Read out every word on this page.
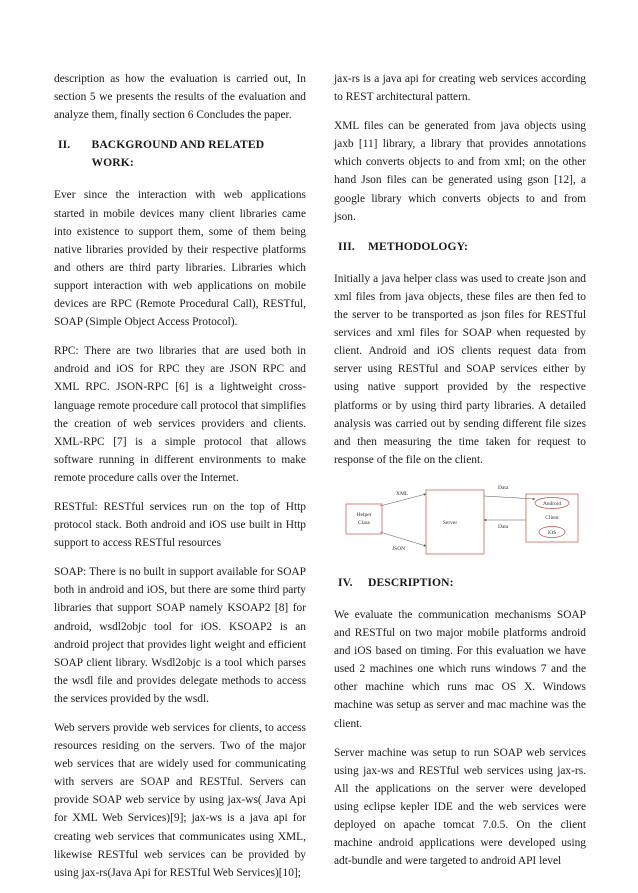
description as how the evaluation is carried out, In section 5 we presents the results of the evaluation and analyze them, finally section 6 Concludes the paper.

II.	BACKGROUND AND RELATED WORK:

Ever since the interaction with web applications started in mobile devices many client libraries came into existence to support them, some of them being native libraries provided by their respective platforms and others are third party libraries. Libraries which support interaction with web applications on mobile devices are RPC (Remote Procedural Call), RESTful, SOAP (Simple Object Access Protocol).

RPC: There are two libraries that are used both in android and iOS for RPC they are JSON RPC and XML RPC. JSON-RPC [6] is a lightweight cross-language remote procedure call protocol that simplifies the creation of web services providers and clients. XML-RPC [7] is a simple protocol that allows software running in different environments to make remote procedure calls over the Internet.

RESTful: RESTful services run on the top of Http protocol stack. Both android and iOS use built in Http support to access RESTful resources

SOAP: There is no built in support available for SOAP both in android and iOS, but there are some third party libraries that support SOAP namely KSOAP2 [8] for android, wsdl2objc tool for iOS. KSOAP2 is an android project that provides light weight and efficient SOAP client library. Wsdl2objc is a tool which parses the wsdl file and provides delegate methods to access the services provided by the wsdl.

Web servers provide web services for clients, to access resources residing on the servers. Two of the major web services that are widely used for communicating with servers are SOAP and RESTful. Servers can provide SOAP web service by using jax-ws( Java Api for XML Web Services)[9]; jax-ws is a java api for creating web services that communicates using XML, likewise RESTful web services can be provided by using jax-rs(Java Api for RESTful Web Services)[10];

jax-rs is a java api for creating web services according to REST architectural pattern.

XML files can be generated from java objects using jaxb [11] library, a library that provides annotations which converts objects to and from xml; on the other hand Json files can be generated using gson [12], a google library which converts objects to and from json.

III.	METHODOLOGY:

Initially a java helper class was used to create json and xml files from java objects, these files are then fed to the server to be transported as json files for RESTful services and xml files for SOAP when requested by client. Android and iOS clients request data from server using RESTful and SOAP services either by using native support provided by the respective platforms or by using third party libraries. A detailed analysis was carried out by sending different file sizes and then measuring the time taken for request to response of the file on the client.

Helper
Class	Server
Android
Client
iOS
XML
JSON
Data
Data
IV.	DESCRIPTION:

We evaluate the communication mechanisms SOAP and RESTful on two major mobile platforms android and iOS based on timing. For this evaluation we have used 2 machines one which runs windows 7 and the other machine which runs mac OS X. Windows machine was setup as server and mac machine was the client.

Server machine was setup to run SOAP web services using jax-ws and RESTful web services using jax-rs. All the applications on the server were developed using eclipse kepler IDE and the web services were deployed on apache tomcat 7.0.5. On the client machine android applications were developed using adt-bundle and were targeted to android API level
